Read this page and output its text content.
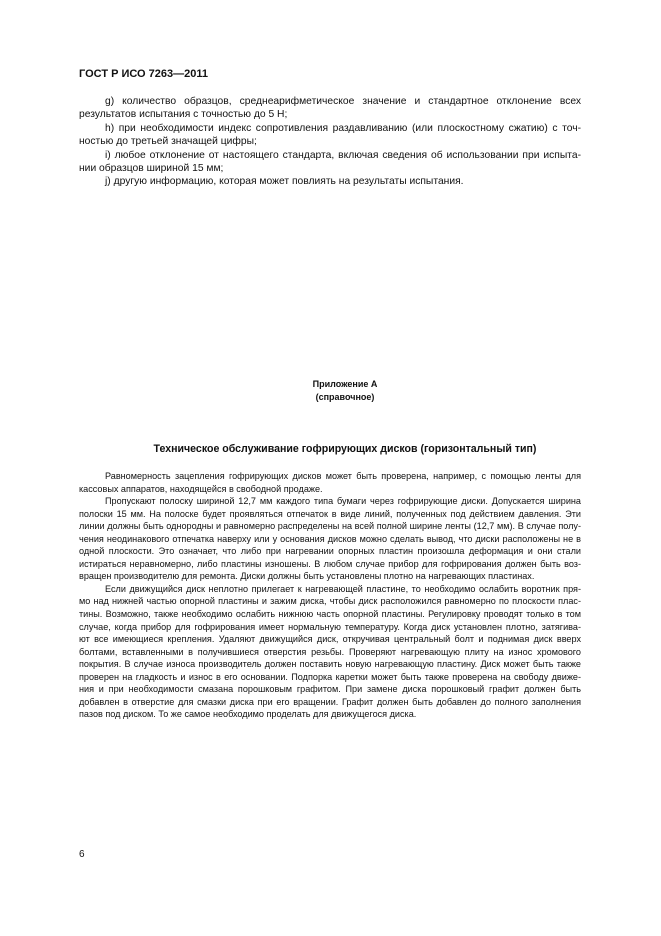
ГОСТ Р ИСО 7263—2011
g) количество образцов, среднеарифметическое значение и стандартное отклонение всех
результатов испытания с точностью до 5 Н;
h) при необходимости индекс сопротивления раздавливанию (или плоскостному сжатию) с точ-
ностью до третьей значащей цифры;
i) любое отклонение от настоящего стандарта, включая сведения об использовании при испыта-
нии образцов шириной 15 мм;
j) другую информацию, которая может повлиять на результаты испытания.
Приложение А
(справочное)
Техническое обслуживание гофрирующих дисков (горизонтальный тип)
Равномерность зацепления гофрирующих дисков может быть проверена, например, с помощью ленты для
кассовых аппаратов, находящейся в свободной продаже.
Пропускают полоску шириной 12,7 мм каждого типа бумаги через гофрирующие диски. Допускается ширина
полоски 15 мм. На полоске будет проявляться отпечаток в виде линий, полученных под действием давления. Эти
линии должны быть однородны и равномерно распределены на всей полной ширине ленты (12,7 мм). В случае полу-
чения неодинакового отпечатка наверху или у основания дисков можно сделать вывод, что диски расположены не в
одной плоскости. Это означает, что либо при нагревании опорных пластин произошла деформация и они стали
истираться неравномерно, либо пластины изношены. В любом случае прибор для гофрирования должен быть воз-
вращен производителю для ремонта. Диски должны быть установлены плотно на нагревающих пластинах.
Если движущийся диск неплотно прилегает к нагревающей пластине, то необходимо ослабить воротник пря-
мо над нижней частью опорной пластины и зажим диска, чтобы диск расположился равномерно по плоскости плас-
тины. Возможно, также необходимо ослабить нижнюю часть опорной пластины. Регулировку проводят только в том
случае, когда прибор для гофрирования имеет нормальную температуру. Когда диск установлен плотно, затягива-
ют все имеющиеся крепления. Удаляют движущийся диск, откручивая центральный болт и поднимая диск вверх
болтами, вставленными в получившиеся отверстия резьбы. Проверяют нагревающую плиту на износ хромового
покрытия. В случае износа производитель должен поставить новую нагревающую пластину. Диск может быть также
проверен на гладкость и износ в его основании. Подпорка каретки может быть также проверена на свободу движе-
ния и при необходимости смазана порошковым графитом. При замене диска порошковый графит должен быть
добавлен в отверстие для смазки диска при его вращении. Графит должен быть добавлен до полного заполнения
пазов под диском. То же самое необходимо проделать для движущегося диска.
6
